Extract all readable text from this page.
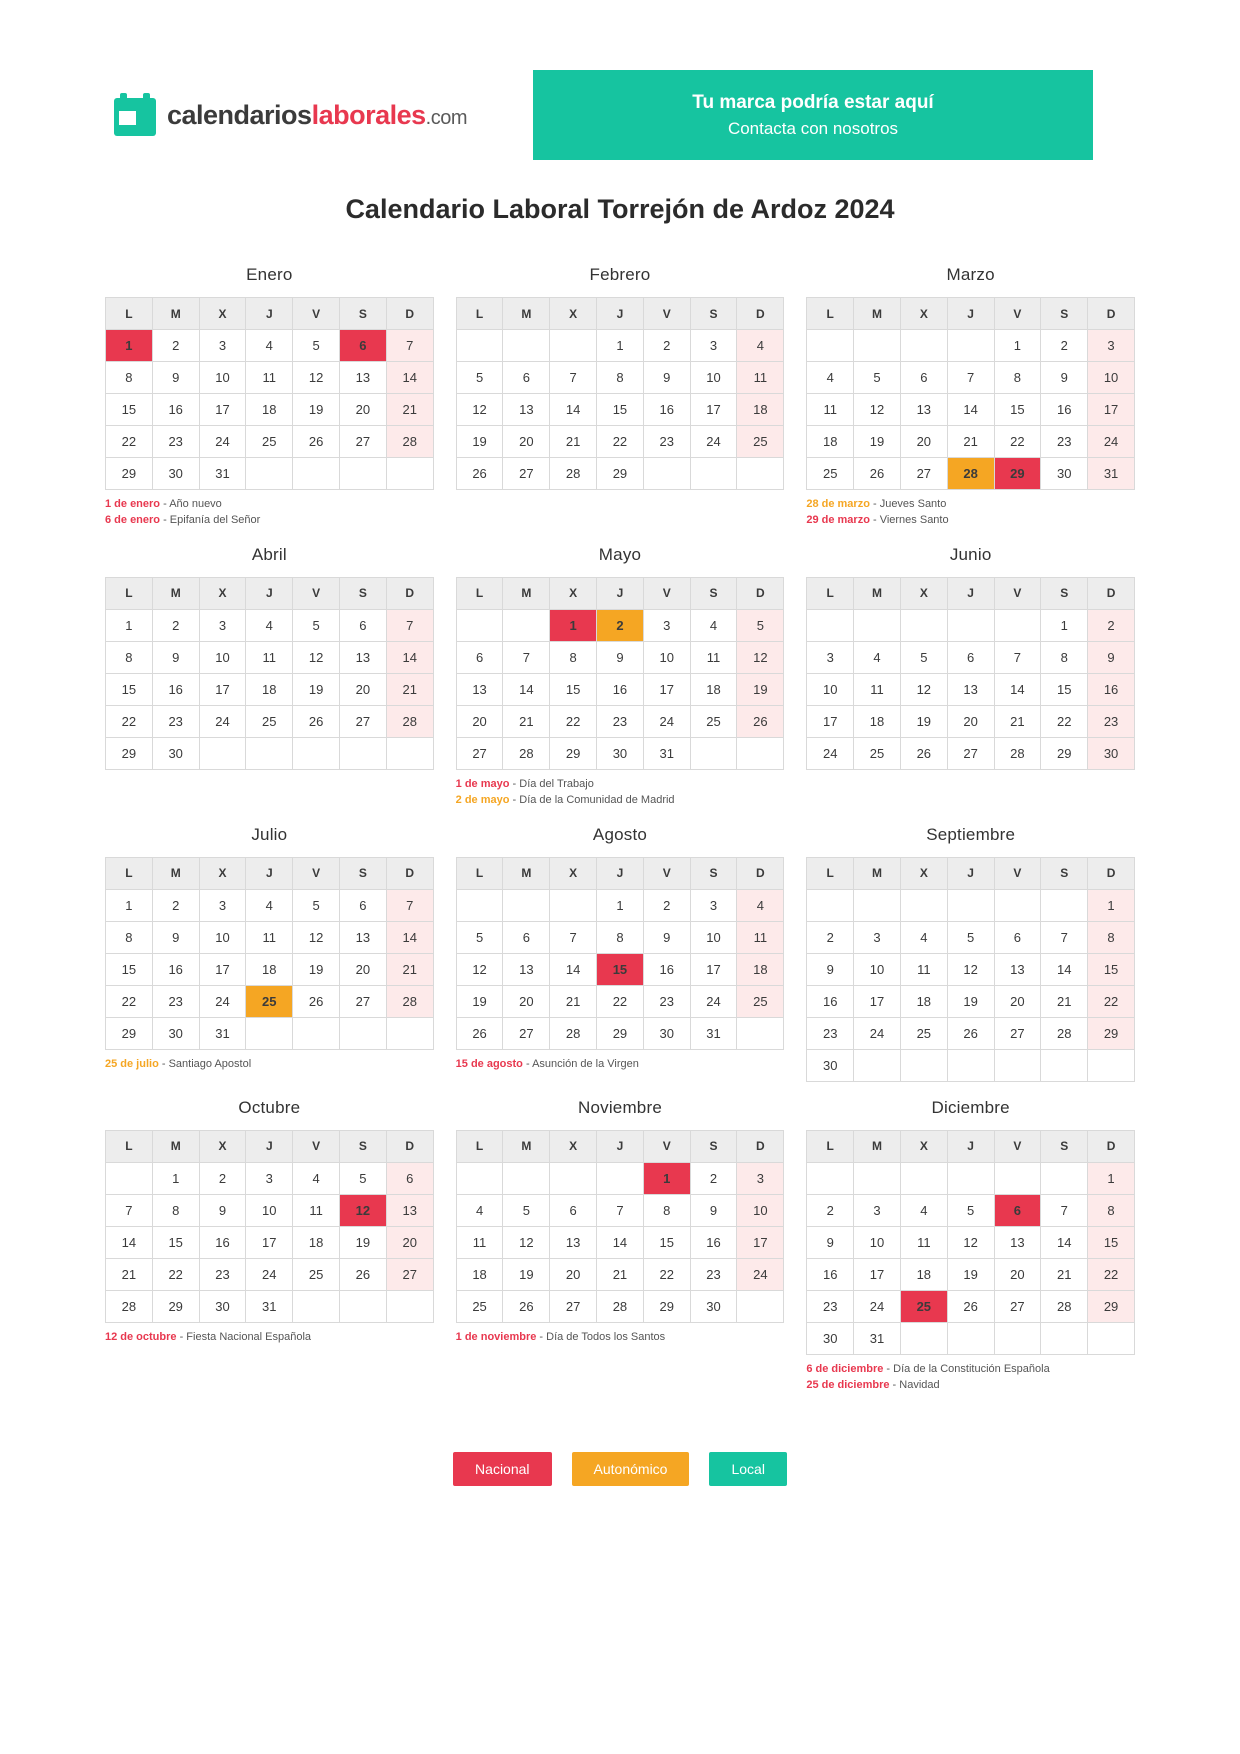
calendarioslaborales.com
Tu marca podría estar aquí
Contacta con nosotros
Calendario Laboral Torrejón de Ardoz 2024
Enero
L	M	X	J	V	S	D
1	2	3	4	5	6	7
8	9	10	11	12	13	14
15	16	17	18	19	20	21
22	23	24	25	26	27	28
29	30	31				
1 de enero - Año nuevo
6 de enero - Epifanía del Señor
Febrero
L	M	X	J	V	S	D
			1	2	3	4
5	6	7	8	9	10	11
12	13	14	15	16	17	18
19	20	21	22	23	24	25
26	27	28	29			
Marzo
L	M	X	J	V	S	D
				1	2	3
4	5	6	7	8	9	10
11	12	13	14	15	16	17
18	19	20	21	22	23	24
25	26	27	28	29	30	31
28 de marzo - Jueves Santo
29 de marzo - Viernes Santo
Abril
L	M	X	J	V	S	D
1	2	3	4	5	6	7
8	9	10	11	12	13	14
15	16	17	18	19	20	21
22	23	24	25	26	27	28
29	30					
Mayo
L	M	X	J	V	S	D
		1	2	3	4	5
6	7	8	9	10	11	12
13	14	15	16	17	18	19
20	21	22	23	24	25	26
27	28	29	30	31		
1 de mayo - Día del Trabajo
2 de mayo - Día de la Comunidad de Madrid
Junio
L	M	X	J	V	S	D
					1	2
3	4	5	6	7	8	9
10	11	12	13	14	15	16
17	18	19	20	21	22	23
24	25	26	27	28	29	30
Julio
L	M	X	J	V	S	D
1	2	3	4	5	6	7
8	9	10	11	12	13	14
15	16	17	18	19	20	21
22	23	24	25	26	27	28
29	30	31				
25 de julio - Santiago Apostol
Agosto
L	M	X	J	V	S	D
			1	2	3	4
5	6	7	8	9	10	11
12	13	14	15	16	17	18
19	20	21	22	23	24	25
26	27	28	29	30	31	
15 de agosto - Asunción de la Virgen
Septiembre
L	M	X	J	V	S	D
						1
2	3	4	5	6	7	8
9	10	11	12	13	14	15
16	17	18	19	20	21	22
23	24	25	26	27	28	29
30						
Octubre
L	M	X	J	V	S	D
	1	2	3	4	5	6
7	8	9	10	11	12	13
14	15	16	17	18	19	20
21	22	23	24	25	26	27
28	29	30	31			
12 de octubre - Fiesta Nacional Española
Noviembre
L	M	X	J	V	S	D
				1	2	3
4	5	6	7	8	9	10
11	12	13	14	15	16	17
18	19	20	21	22	23	24
25	26	27	28	29	30	
1 de noviembre - Día de Todos los Santos
Diciembre
L	M	X	J	V	S	D
						1
2	3	4	5	6	7	8
9	10	11	12	13	14	15
16	17	18	19	20	21	22
23	24	25	26	27	28	29
30	31					
6 de diciembre - Día de la Constitución Española
25 de diciembre - Navidad
Nacional	Autonómico	Local
